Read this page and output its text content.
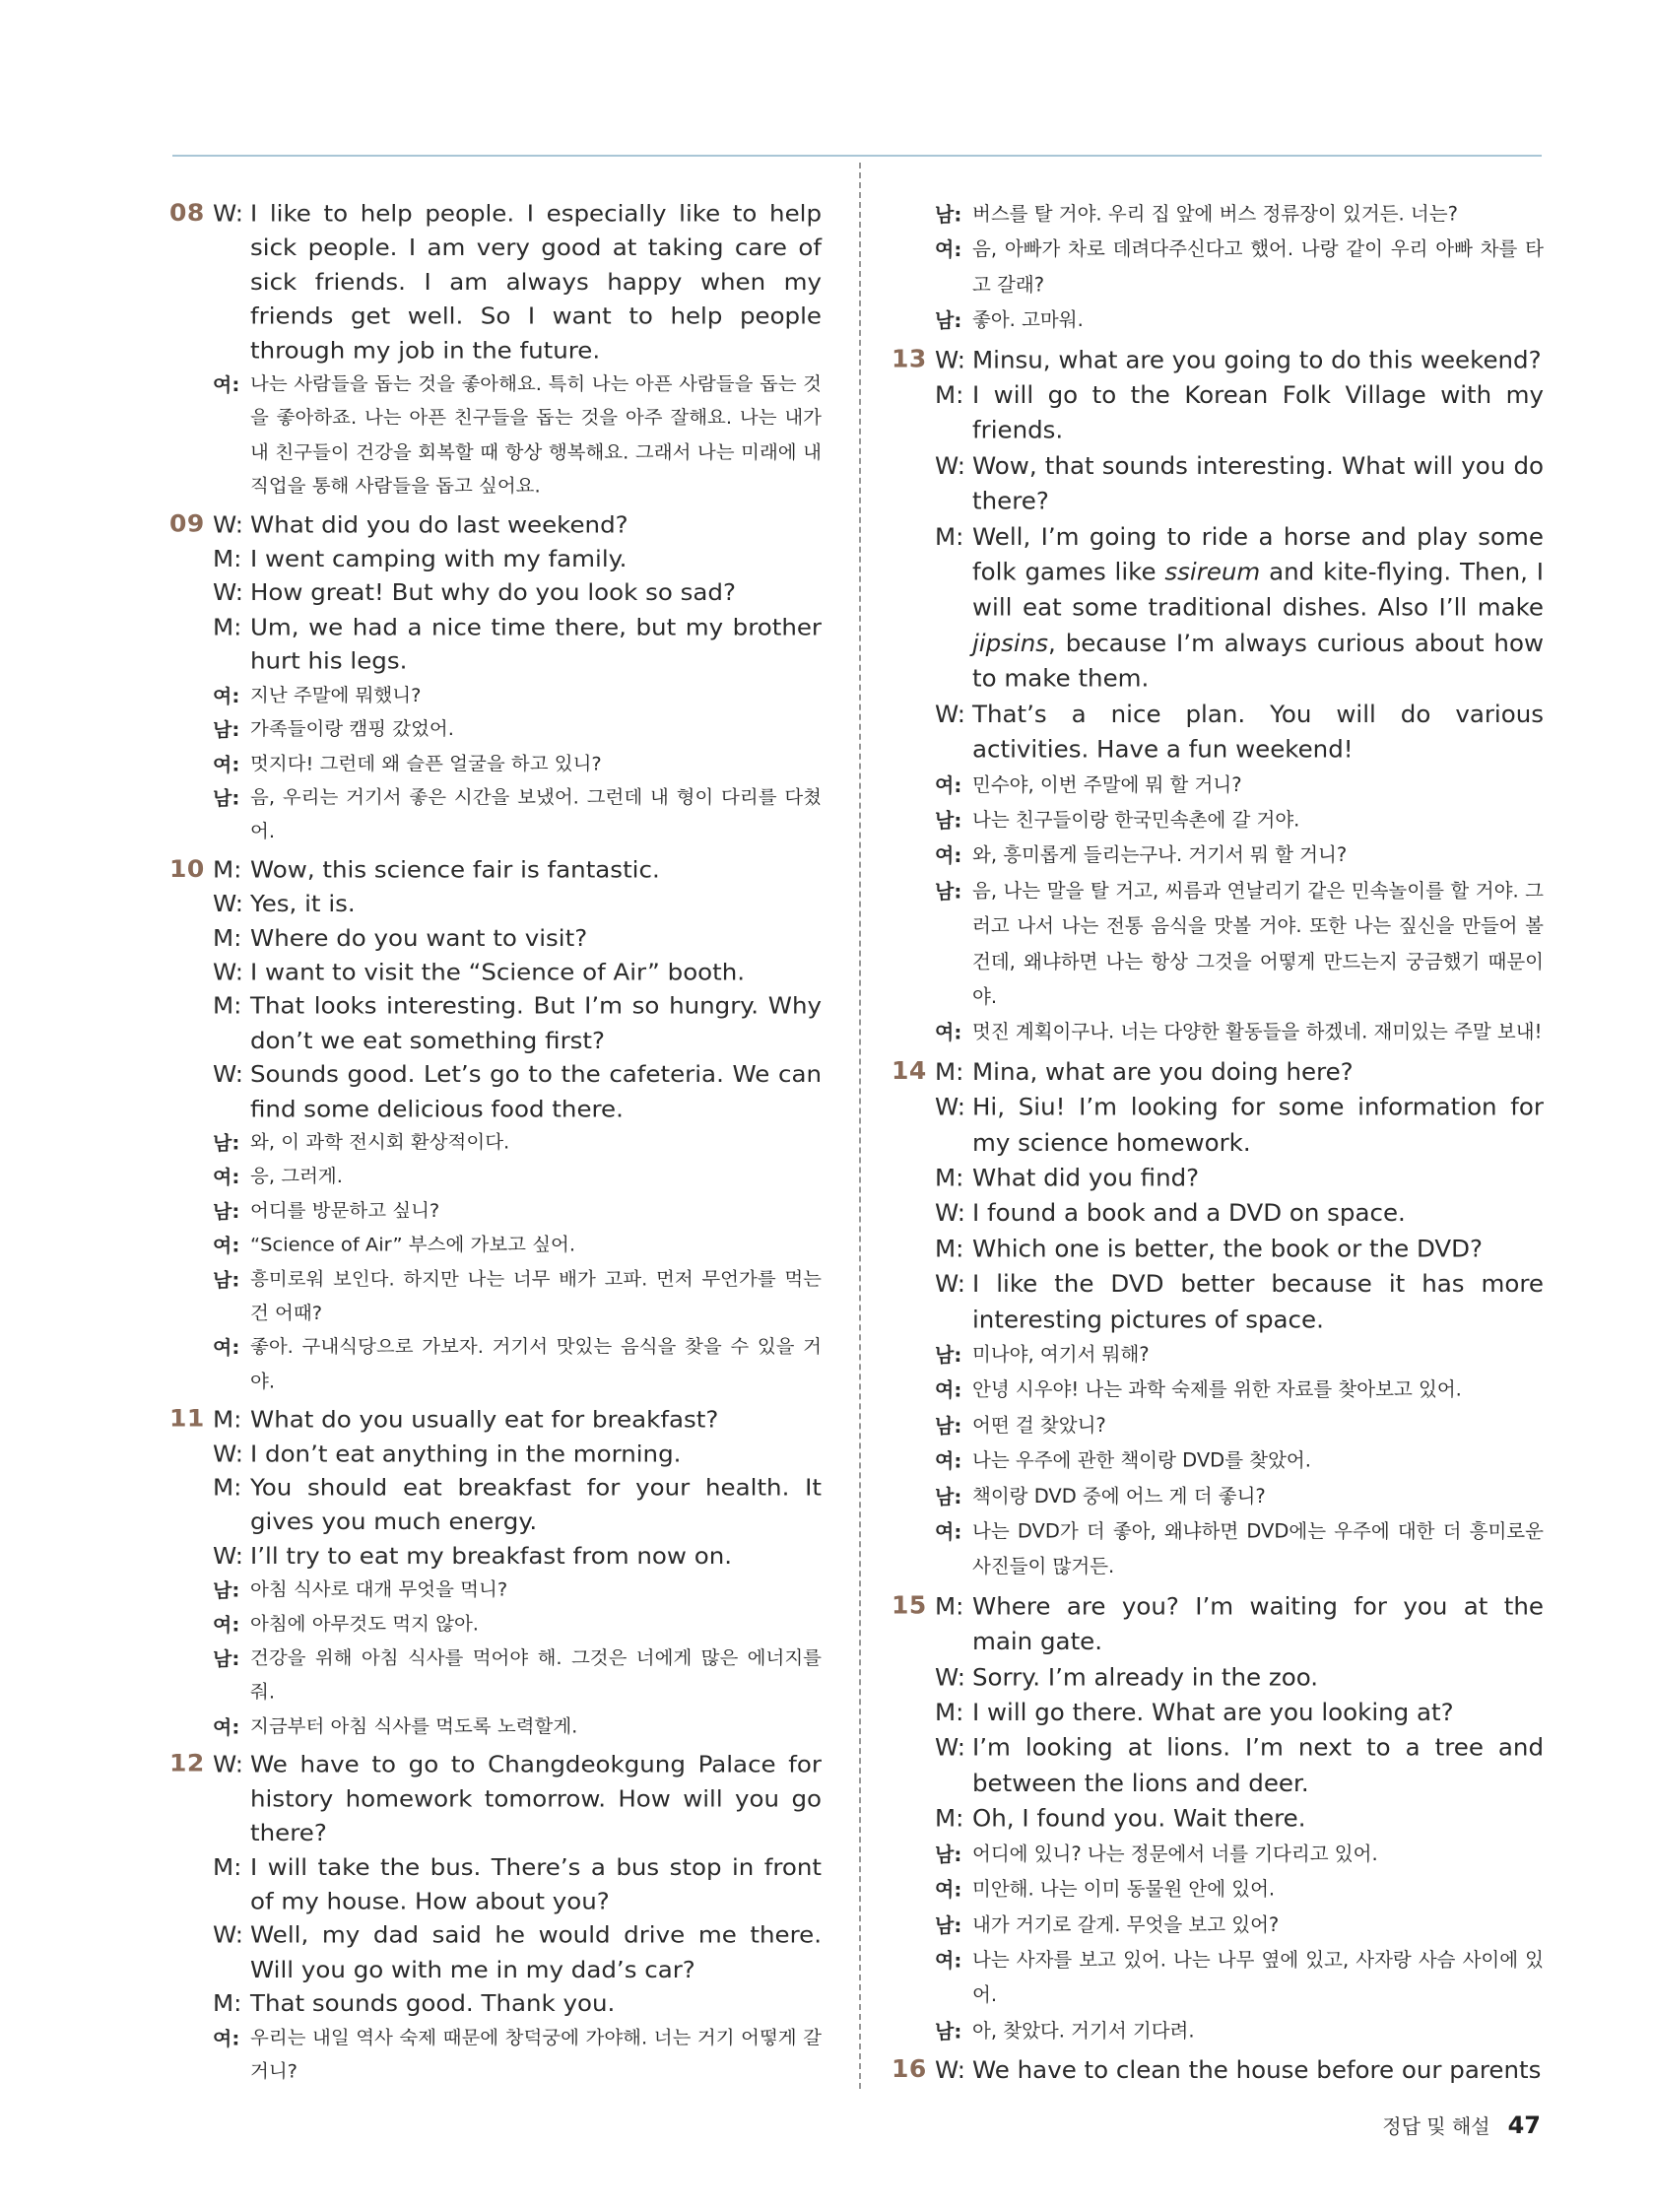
08 W: I like to help people. I especially like to help sick people. I am very good at taking care of sick friends. I am always happy when my friends get well. So I want to help people through my job in the future.
여: 나는 사람들을 돕는 것을 좋아해요. 특히 나는 아픈 사람들을 돕는 것을 좋아하죠. 나는 아픈 친구들을 돕는 것을 아주 잘해요. 나는 내가 내 친구들이 건강을 회복할 때 항상 행복해요. 그래서 나는 미래에 내 직업을 통해 사람들을 돕고 싶어요.
09 W: What did you do last weekend?
M: I went camping with my family.
W: How great! But why do you look so sad?
M: Um, we had a nice time there, but my brother hurt his legs.
여: 지난 주말에 뭐했니?
남: 가족들이랑 캠핑 갔었어.
여: 멋지다! 그런데 왜 슬픈 얼굴을 하고 있니?
남: 음, 우리는 거기서 좋은 시간을 보냈어. 그런데 내 형이 다리를 다쳤어.
10 M: Wow, this science fair is fantastic.
W: Yes, it is.
M: Where do you want to visit?
W: I want to visit the “Science of Air” booth.
M: That looks interesting. But I’m so hungry. Why don’t we eat something first?
W: Sounds good. Let’s go to the cafeteria. We can find some delicious food there.
남: 와, 이 과학 전시회 환상적이다.
여: 응, 그러게.
남: 어디를 방문하고 싶니?
여: “Science of Air” 부스에 가보고 싶어.
남: 흥미로워 보인다. 하지만 나는 너무 배가 고파. 먼저 무언가를 먹는 건 어때?
여: 좋아. 구내식당으로 가보자. 거기서 맛있는 음식을 찾을 수 있을 거야.
11 M: What do you usually eat for breakfast?
W: I don’t eat anything in the morning.
M: You should eat breakfast for your health. It gives you much energy.
W: I’ll try to eat my breakfast from now on.
남: 아침 식사로 대개 무엇을 먹니?
여: 아침에 아무것도 먹지 않아.
남: 건강을 위해 아침 식사를 먹어야 해. 그것은 너에게 많은 에너지를 줘.
여: 지금부터 아침 식사를 먹도록 노력할게.
12 W: We have to go to Changdeokgung Palace for history homework tomorrow. How will you go there?
M: I will take the bus. There’s a bus stop in front of my house. How about you?
W: Well, my dad said he would drive me there. Will you go with me in my dad’s car?
M: That sounds good. Thank you.
여: 우리는 내일 역사 숙제 때문에 창덕궁에 가야해. 너는 거기 어떻게 갈 거니?
남: 버스를 탈 거야. 우리 집 앞에 버스 정류장이 있거든. 너는?
여: 음, 아빠가 차로 데려다주신다고 했어. 나랑 같이 우리 아빠 차를 타고 갈래?
남: 좋아. 고마워.
13 W: Minsu, what are you going to do this weekend?
M: I will go to the Korean Folk Village with my friends.
W: Wow, that sounds interesting. What will you do there?
M: Well, I’m going to ride a horse and play some folk games like ssireum and kite-flying. Then, I will eat some traditional dishes. Also I’ll make jipsins, because I’m always curious about how to make them.
W: That’s a nice plan. You will do various activities. Have a fun weekend!
여: 민수야, 이번 주말에 뭐 할 거니?
남: 나는 친구들이랑 한국민속촌에 갈 거야.
여: 와, 흥미롭게 들리는구나. 거기서 뭐 할 거니?
남: 음, 나는 말을 탈 거고, 씨름과 연날리기 같은 민속놀이를 할 거야. 그러고 나서 나는 전통 음식을 맛볼 거야. 또한 나는 짚신을 만들어 볼 건데, 왜냐하면 나는 항상 그것을 어떻게 만드는지 궁금했기 때문이야.
여: 멋진 계획이구나. 너는 다양한 활동들을 하겠네. 재미있는 주말 보내!
14 M: Mina, what are you doing here?
W: Hi, Siu! I’m looking for some information for my science homework.
M: What did you find?
W: I found a book and a DVD on space.
M: Which one is better, the book or the DVD?
W: I like the DVD better because it has more interesting pictures of space.
남: 미나야, 여기서 뭐해?
여: 안녕 시우야! 나는 과학 숙제를 위한 자료를 찾아보고 있어.
남: 어떤 걸 찾았니?
여: 나는 우주에 관한 책이랑 DVD를 찾았어.
남: 책이랑 DVD 중에 어느 게 더 좋니?
여: 나는 DVD가 더 좋아, 왜냐하면 DVD에는 우주에 대한 더 흥미로운 사진들이 많거든.
15 M: Where are you? I’m waiting for you at the main gate.
W: Sorry. I’m already in the zoo.
M: I will go there. What are you looking at?
W: I’m looking at lions. I’m next to a tree and between the lions and deer.
M: Oh, I found you. Wait there.
남: 어디에 있니? 나는 정문에서 너를 기다리고 있어.
여: 미안해. 나는 이미 동물원 안에 있어.
남: 내가 거기로 갈게. 무엇을 보고 있어?
여: 나는 사자를 보고 있어. 나는 나무 옆에 있고, 사자랑 사슴 사이에 있어.
남: 아, 찾았다. 거기서 기다려.
16 W: We have to clean the house before our parents
정답 및 해설 47
